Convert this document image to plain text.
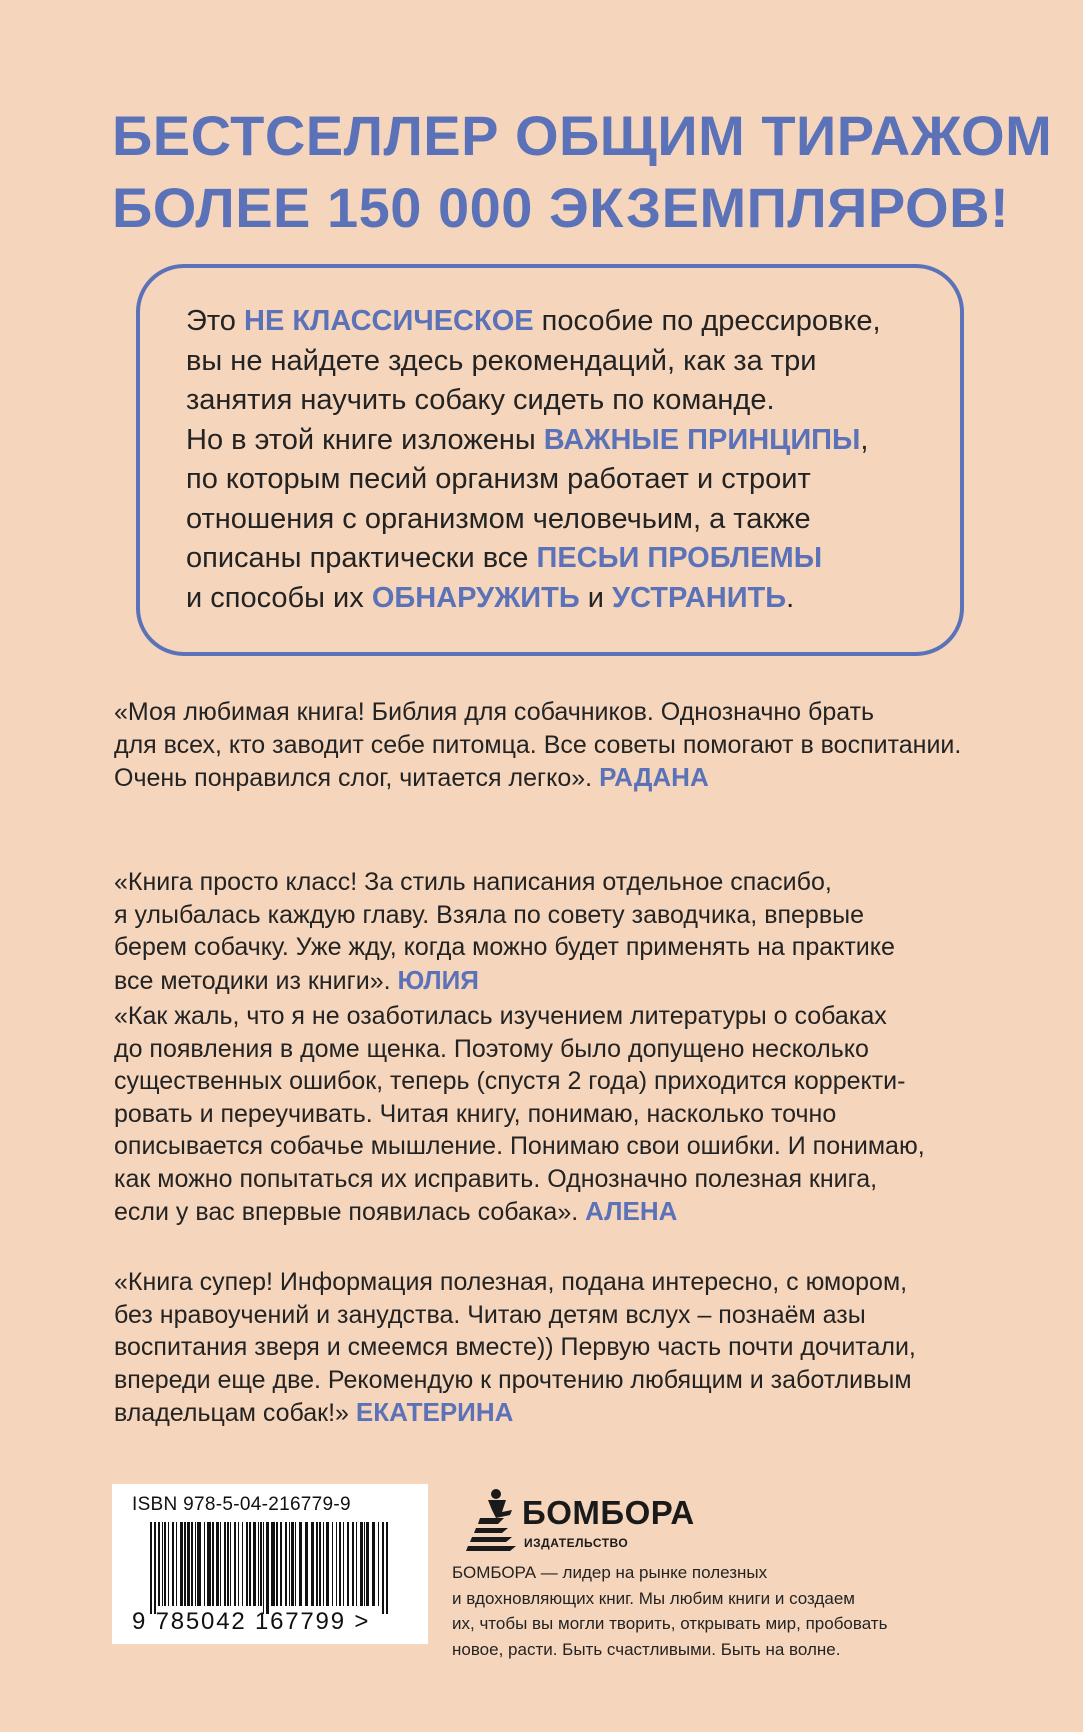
БЕСТСЕЛЛЕР ОБЩИМ ТИРАЖОМ
БОЛЕЕ 150 000 ЭКЗЕМПЛЯРОВ!

Это НЕ КЛАССИЧЕСКОЕ пособие по дрессировке,
вы не найдете здесь рекомендаций, как за три
занятия научить собаку сидеть по команде.
Но в этой книге изложены ВАЖНЫЕ ПРИНЦИПЫ,
по которым песий организм работает и строит
отношения с организмом человечьим, а также
описаны практически все ПЕСЬИ ПРОБЛЕМЫ
и способы их ОБНАРУЖИТЬ и УСТРАНИТЬ.

«Моя любимая книга! Библия для собачников. Однозначно брать
для всех, кто заводит себе питомца. Все советы помогают в воспитании.
Очень понравился слог, читается легко». РАДАНА

«Книга просто класс! За стиль написания отдельное спасибо,
я улыбалась каждую главу. Взяла по совету заводчика, впервые
берем собачку. Уже жду, когда можно будет применять на практике
все методики из книги». ЮЛИЯ

«Как жаль, что я не озаботилась изучением литературы о собаках
до появления в доме щенка. Поэтому было допущено несколько
существенных ошибок, теперь (спустя 2 года) приходится корректи-
ровать и переучивать. Читая книгу, понимаю, насколько точно
описывается собачье мышление. Понимаю свои ошибки. И понимаю,
как можно попытаться их исправить. Однозначно полезная книга,
если у вас впервые появилась собака». АЛЕНА

«Книга супер! Информация полезная, подана интересно, с юмором,
без нравоучений и занудства. Читаю детям вслух – познаём азы
воспитания зверя и смеемся вместе)) Первую часть почти дочитали,
впереди еще две. Рекомендую к прочтению любящим и заботливым
владельцам собак!» ЕКАТЕРИНА

ISBN 978-5-04-216779-9
9 785042 167799 >
БОМБОРА
ИЗДАТЕЛЬСТВО

БОМБОРА — лидер на рынке полезных
и вдохновляющих книг. Мы любим книги и создаем
их, чтобы вы могли творить, открывать мир, пробовать
новое, расти. Быть счастливыми. Быть на волне.
